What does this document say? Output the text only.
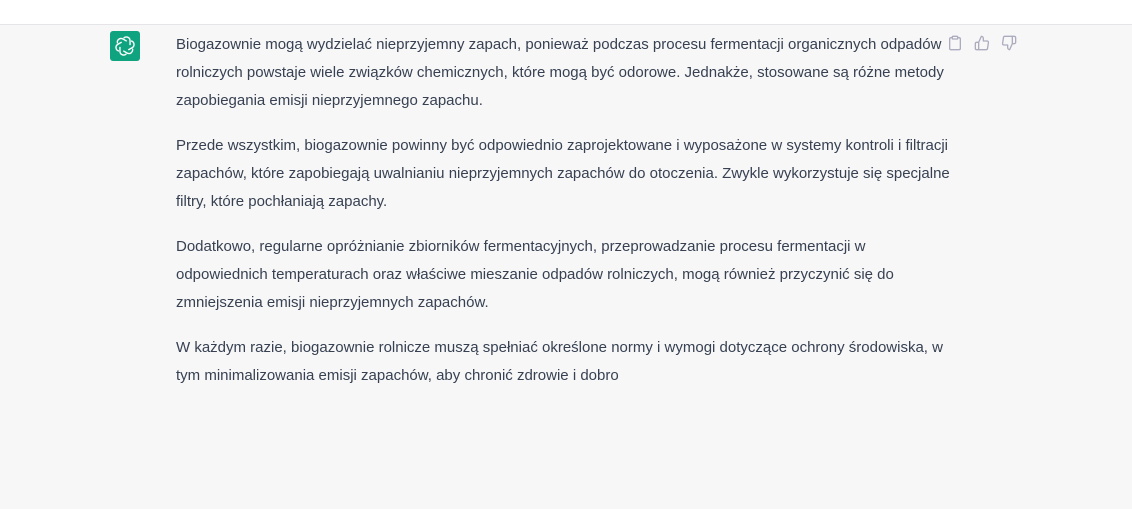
Biogazownie mogą wydzielać nieprzyjemny zapach, ponieważ podczas procesu fermentacji organicznych odpadów rolniczych powstaje wiele związków chemicznych, które mogą być odorowe. Jednakże, stosowane są różne metody zapobiegania emisji nieprzyjemnego zapachu.

Przede wszystkim, biogazownie powinny być odpowiednio zaprojektowane i wyposażone w systemy kontroli i filtracji zapachów, które zapobiegają uwalnianiu nieprzyjemnych zapachów do otoczenia. Zwykle wykorzystuje się specjalne filtry, które pochłaniają zapachy.

Dodatkowo, regularne opróżnianie zbiorników fermentacyjnych, przeprowadzanie procesu fermentacji w odpowiednich temperaturach oraz właściwe mieszanie odpadów rolniczych, mogą również przyczynić się do zmniejszenia emisji nieprzyjemnych zapachów.

W każdym razie, biogazownie rolnicze muszą spełniać określone normy i wymogi dotyczące ochrony środowiska, w tym minimalizowania emisji zapachów, aby chronić zdrowie i dobro
